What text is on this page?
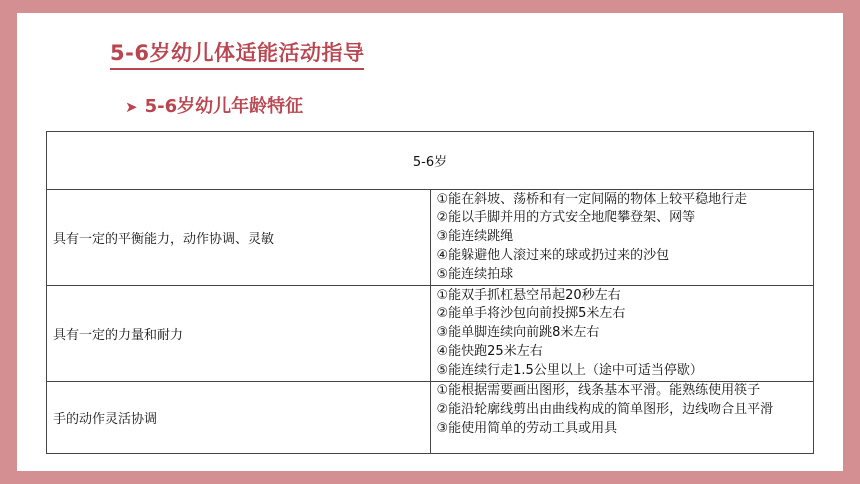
5-6岁幼儿体适能活动指导
➤ 5-6岁幼儿年龄特征
5-6岁	
具有一定的平衡能力，动作协调、灵敏	①能在斜坡、荡桥和有一定间隔的物体上较平稳地行走
②能以手脚并用的方式安全地爬攀登架、网等
③能连续跳绳
④能躲避他人滚过来的球或扔过来的沙包
⑤能连续拍球

具有一定的力量和耐力	①能双手抓杠悬空吊起20秒左右
②能单手将沙包向前投掷5米左右
③能单脚连续向前跳8米左右
④能快跑25米左右
⑤能连续行走1.5公里以上（途中可适当停歇）

手的动作灵活协调	①能根据需要画出图形，线条基本平滑。能熟练使用筷子
②能沿轮廓线剪出由曲线构成的简单图形，边线吻合且平滑
③能使用简单的劳动工具或用具
